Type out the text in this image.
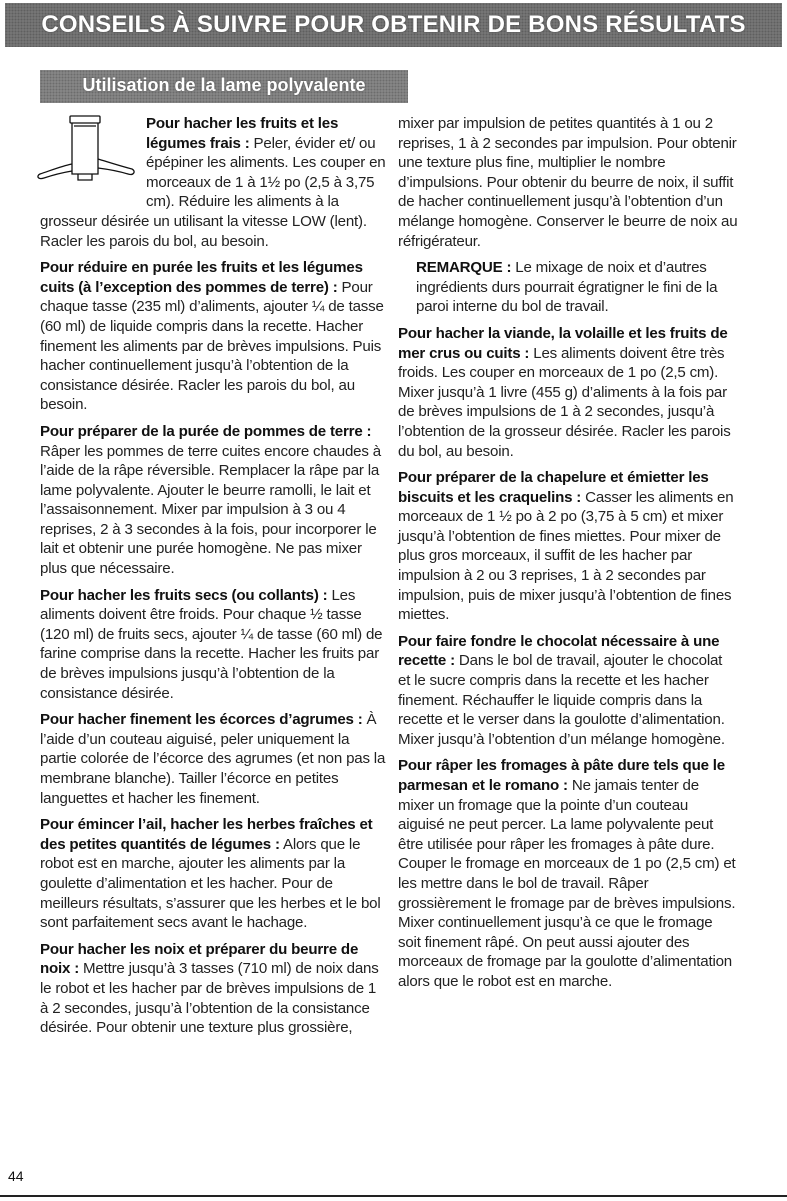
CONSEILS À SUIVRE POUR OBTENIR DE BONS RÉSULTATS
Utilisation de la lame polyvalente

Pour hacher les fruits et les légumes frais : Peler, évider et/ ou épépiner les aliments. Les couper en morceaux de 1 à 1½ po (2,5 à 3,75 cm). Réduire les aliments à la grosseur désirée un utilisant la vitesse LOW (lent). Racler les parois du bol, au besoin.

Pour réduire en purée les fruits et les légumes cuits (à l’exception des pommes de terre) : Pour chaque tasse (235 ml) d’aliments, ajouter ¼ de tasse (60 ml) de liquide compris dans la recette. Hacher finement les aliments par de brèves impulsions. Puis hacher continuellement jusqu’à l’obtention de la consistance désirée. Racler les parois du bol, au besoin.

Pour préparer de la purée de pommes de terre : Râper les pommes de terre cuites encore chaudes à l’aide de la râpe réversible. Remplacer la râpe par la lame polyvalente. Ajouter le beurre ramolli, le lait et l’assaisonnement. Mixer par impulsion à 3 ou 4 reprises, 2 à 3 secondes à la fois, pour incorporer le lait et obtenir une purée homogène. Ne pas mixer plus que nécessaire.

Pour hacher les fruits secs (ou collants) : Les aliments doivent être froids. Pour chaque ½ tasse (120 ml) de fruits secs, ajouter ¼ de tasse (60 ml) de farine comprise dans la recette. Hacher les fruits par de brèves impulsions jusqu’à l’obtention de la consistance désirée.

Pour hacher finement les écorces d’agrumes : À l’aide d’un couteau aiguisé, peler uniquement la partie colorée de l’écorce des agrumes (et non pas la membrane blanche). Tailler l’écorce en petites languettes et hacher les finement.

Pour émincer l’ail, hacher les herbes fraîches et des petites quantités de légumes : Alors que le robot est en marche, ajouter les aliments par la goulette d’alimentation et les hacher. Pour de meilleurs résultats, s’assurer que les herbes et le bol sont parfaitement secs avant le hachage.

Pour hacher les noix et préparer du beurre de noix : Mettre jusqu’à 3 tasses (710 ml) de noix dans le robot et les hacher par de brèves impulsions de 1 à 2 secondes, jusqu’à l’obtention de la consistance désirée. Pour obtenir une texture plus grossière,

mixer par impulsion de petites quantités à 1 ou 2 reprises, 1 à 2 secondes par impulsion. Pour obtenir une texture plus fine, multiplier le nombre d’impulsions. Pour obtenir du beurre de noix, il suffit de hacher continuellement jusqu’à l’obtention d’un mélange homogène. Conserver le beurre de noix au réfrigérateur.

REMARQUE : Le mixage de noix et d’autres ingrédients durs pourrait égratigner le fini de la paroi interne du bol de travail.

Pour hacher la viande, la volaille et les fruits de mer crus ou cuits : Les aliments doivent être très froids. Les couper en morceaux de 1 po (2,5 cm). Mixer jusqu’à 1 livre (455 g) d’aliments à la fois par de brèves impulsions de 1 à 2 secondes, jusqu’à l’obtention de la grosseur désirée. Racler les parois du bol, au besoin.

Pour préparer de la chapelure et émietter les biscuits et les craquelins : Casser les aliments en morceaux de 1 ½ po à 2 po (3,75 à 5 cm) et mixer jusqu’à l’obtention de fines miettes. Pour mixer de plus gros morceaux, il suffit de les hacher par impulsion à 2 ou 3 reprises, 1 à 2 secondes par impulsion, puis de mixer jusqu’à l’obtention de fines miettes.

Pour faire fondre le chocolat nécessaire à une recette : Dans le bol de travail, ajouter le chocolat et le sucre compris dans la recette et les hacher finement. Réchauffer le liquide compris dans la recette et le verser dans la goulotte d’alimentation. Mixer jusqu’à l’obtention d’un mélange homogène.

Pour râper les fromages à pâte dure tels que le parmesan et le romano : Ne jamais tenter de mixer un fromage que la pointe d’un couteau aiguisé ne peut percer. La lame polyvalente peut être utilisée pour râper les fromages à pâte dure. Couper le fromage en morceaux de 1 po (2,5 cm) et les mettre dans le bol de travail. Râper grossièrement le fromage par de brèves impulsions. Mixer continuellement jusqu’à ce que le fromage soit finement râpé. On peut aussi ajouter des morceaux de fromage par la goulotte d’alimentation alors que le robot est en marche.

44
